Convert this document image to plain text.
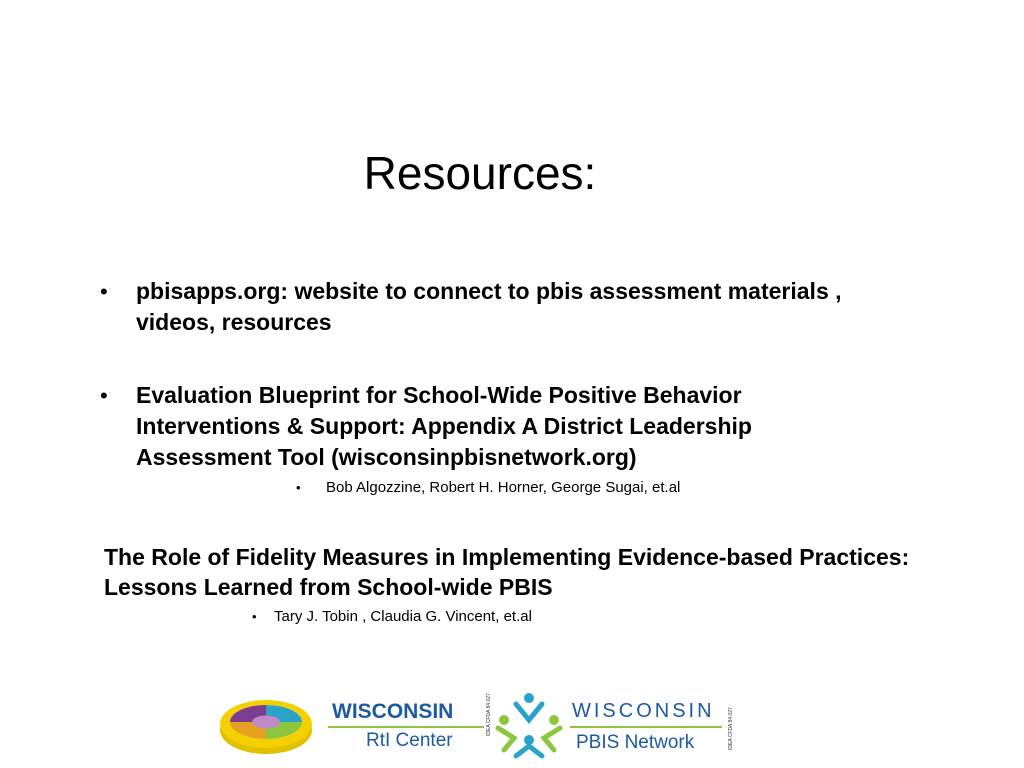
Resources:
• pbisapps.org: website to connect to pbis assessment materials , videos, resources
• Evaluation Blueprint for School-Wide Positive Behavior Interventions & Support: Appendix A District Leadership Assessment Tool (wisconsinpbisnetwork.org)
• Bob Algozzine, Robert H. Horner, George Sugai, et.al
The Role of Fidelity Measures in Implementing Evidence-based Practices: Lessons Learned from School-wide PBIS
• Tary J. Tobin , Claudia G. Vincent, et.al
WISCONSIN
RtI Center
IDEA CFDA 84.027	WISCONSIN
PBIS Network	IDEA CFDA 84.027
